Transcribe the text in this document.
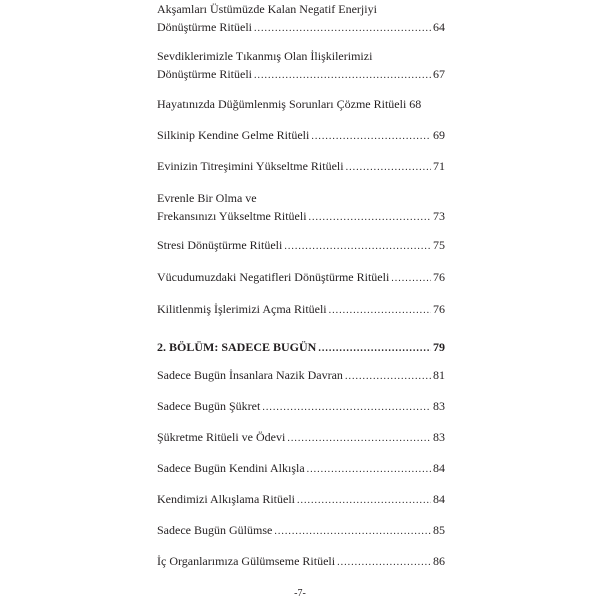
Akşamları Üstümüzde Kalan Negatif Enerjiyi
Dönüştürme Ritüeli .....	64
Sevdiklerimizle Tıkanmış Olan İlişkilerimizi
Dönüştürme Ritüeli .....	67
Hayatınızda Düğümlenmiş Sorunları Çözme Ritüeli 68
Silkinip Kendine Gelme Ritüeli .....	69
Evinizin Titreşimini Yükseltme Ritüeli .....	71
Evrenle Bir Olma ve
Frekansınızı Yükseltme Ritüeli .....	73
Stresi Dönüştürme Ritüeli .....	75
Vücudumuzdaki Negatifleri Dönüştürme Ritüeli .....	76
Kilitlenmiş İşlerimizi Açma Ritüeli .....	76
2. BÖLÜM: SADECE BUGÜN .....	79
Sadece Bugün İnsanlara Nazik Davran .....	81
Sadece Bugün Şükret .....	83
Şükretme Ritüeli ve Ödevi .....	83
Sadece Bugün Kendini Alkışla .....	84
Kendimizi Alkışlama Ritüeli .....	84
Sadece Bugün Gülümse .....	85
İç Organlarımıza Gülümseme Ritüeli .....	86
-7-
